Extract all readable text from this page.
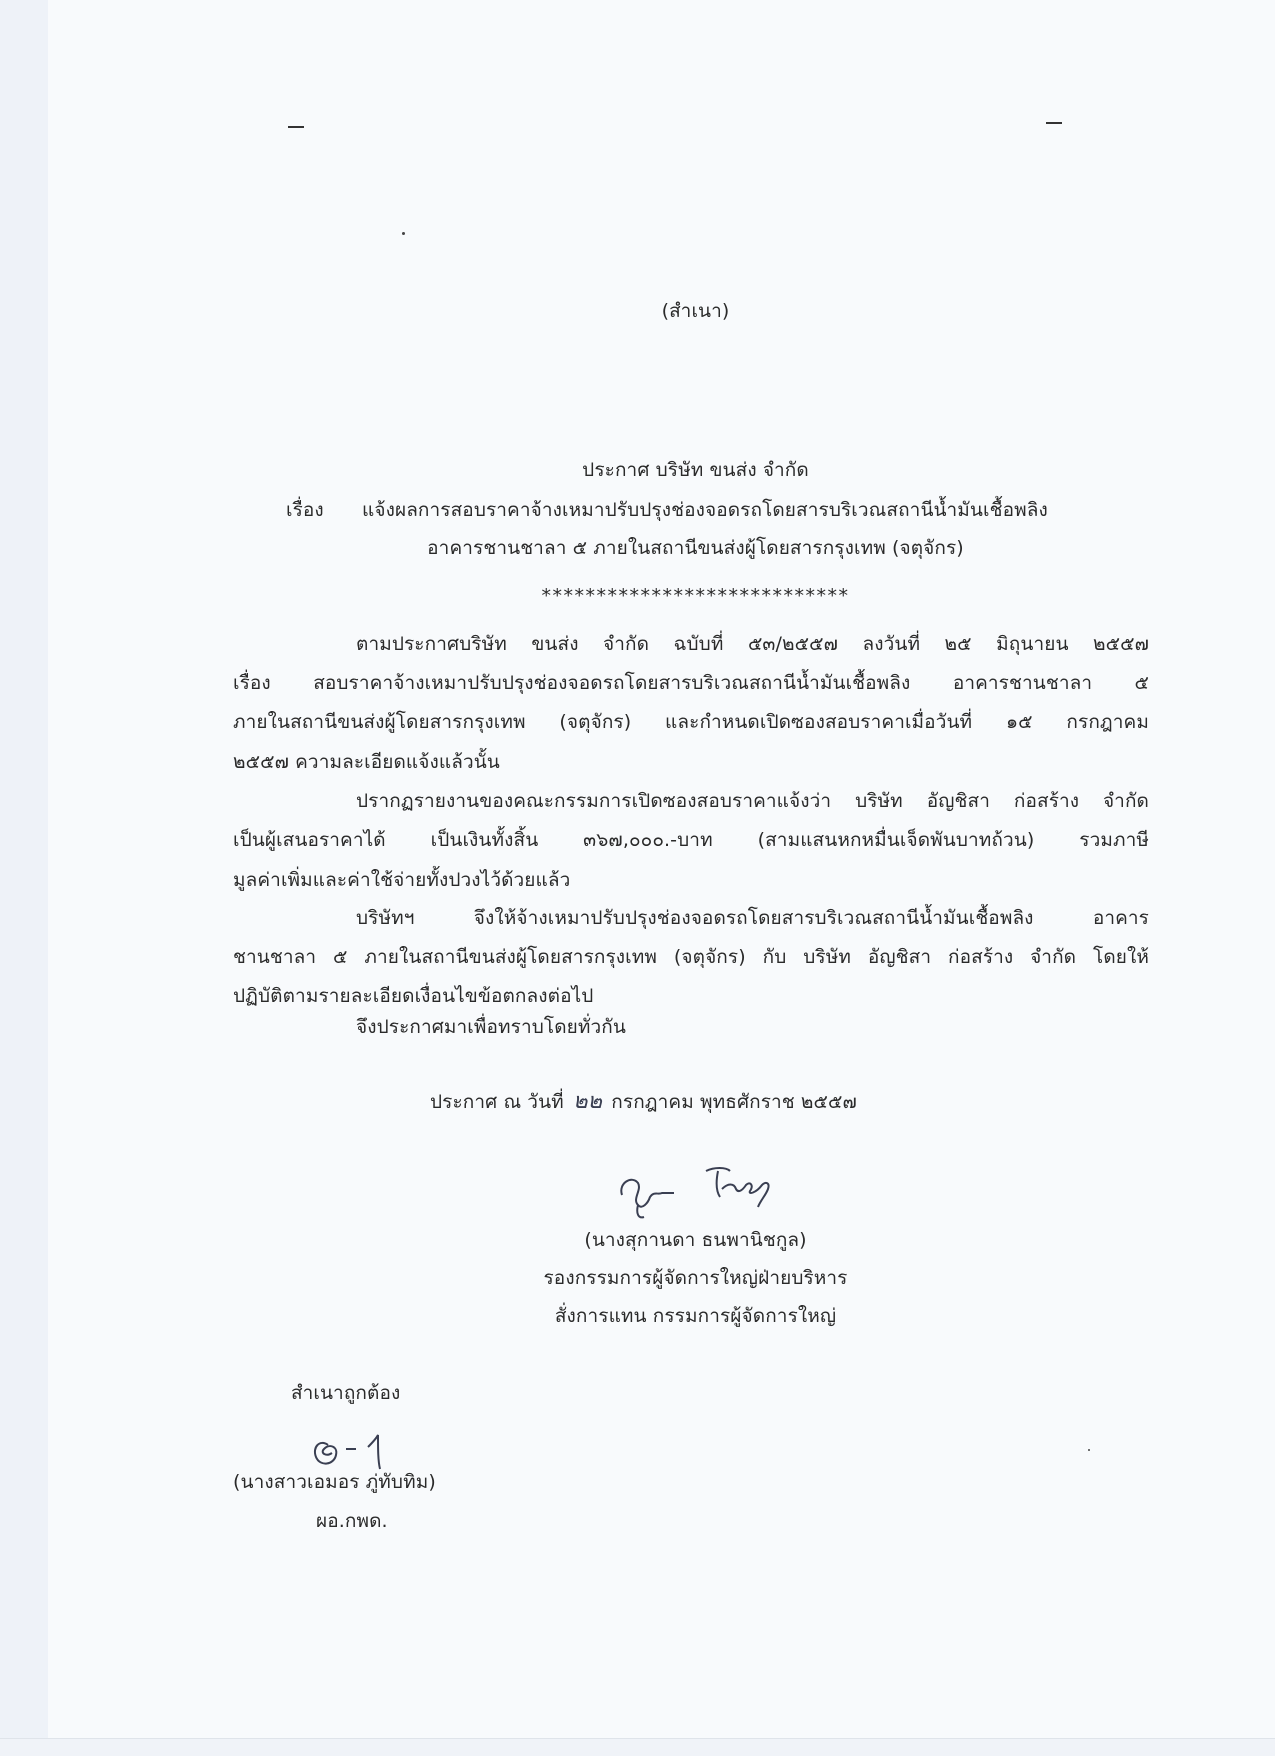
(สำเนา)
ประกาศ บริษัท ขนส่ง จำกัด
เรื่อง แจ้งผลการสอบราคาจ้างเหมาปรับปรุงช่องจอดรถโดยสารบริเวณสถานีน้ำมันเชื้อพลิง
อาคารชานชาลา ๕ ภายในสถานีขนส่งผู้โดยสารกรุงเทพ (จตุจักร)
****************************
ตามประกาศบริษัท ขนส่ง จำกัด ฉบับที่ ๕๓/๒๕๕๗ ลงวันที่ ๒๕ มิถุนายน ๒๕๕๗
เรื่อง สอบราคาจ้างเหมาปรับปรุงช่องจอดรถโดยสารบริเวณสถานีน้ำมันเชื้อพลิง อาคารชานชาลา ๕
ภายในสถานีขนส่งผู้โดยสารกรุงเทพ (จตุจักร) และกำหนดเปิดซองสอบราคาเมื่อวันที่ ๑๕ กรกฎาคม
๒๕๕๗ ความละเอียดแจ้งแล้วนั้น
ปรากฏรายงานของคณะกรรมการเปิดซองสอบราคาแจ้งว่า บริษัท อัญชิสา ก่อสร้าง จำกัด
เป็นผู้เสนอราคาได้ เป็นเงินทั้งสิ้น ๓๖๗,๐๐๐.-บาท (สามแสนหกหมื่นเจ็ดพันบาทถ้วน) รวมภาษี
มูลค่าเพิ่มและค่าใช้จ่ายทั้งปวงไว้ด้วยแล้ว
บริษัทฯ จึงให้จ้างเหมาปรับปรุงช่องจอดรถโดยสารบริเวณสถานีน้ำมันเชื้อพลิง อาคาร
ชานชาลา ๕ ภายในสถานีขนส่งผู้โดยสารกรุงเทพ (จตุจักร) กับ บริษัท อัญชิสา ก่อสร้าง จำกัด โดยให้
ปฏิบัติตามรายละเอียดเงื่อนไขข้อตกลงต่อไป
จึงประกาศมาเพื่อทราบโดยทั่วกัน
ประกาศ ณ วันที่ ๒๒ กรกฎาคม พุทธศักราช ๒๕๕๗
(นางสุกานดา ธนพานิชกูล)
รองกรรมการผู้จัดการใหญ่ฝ่ายบริหาร
สั่งการแทน กรรมการผู้จัดการใหญ่
สำเนาถูกต้อง
(นางสาวเอมอร ภู่ทับทิม)
ผอ.กพด.
